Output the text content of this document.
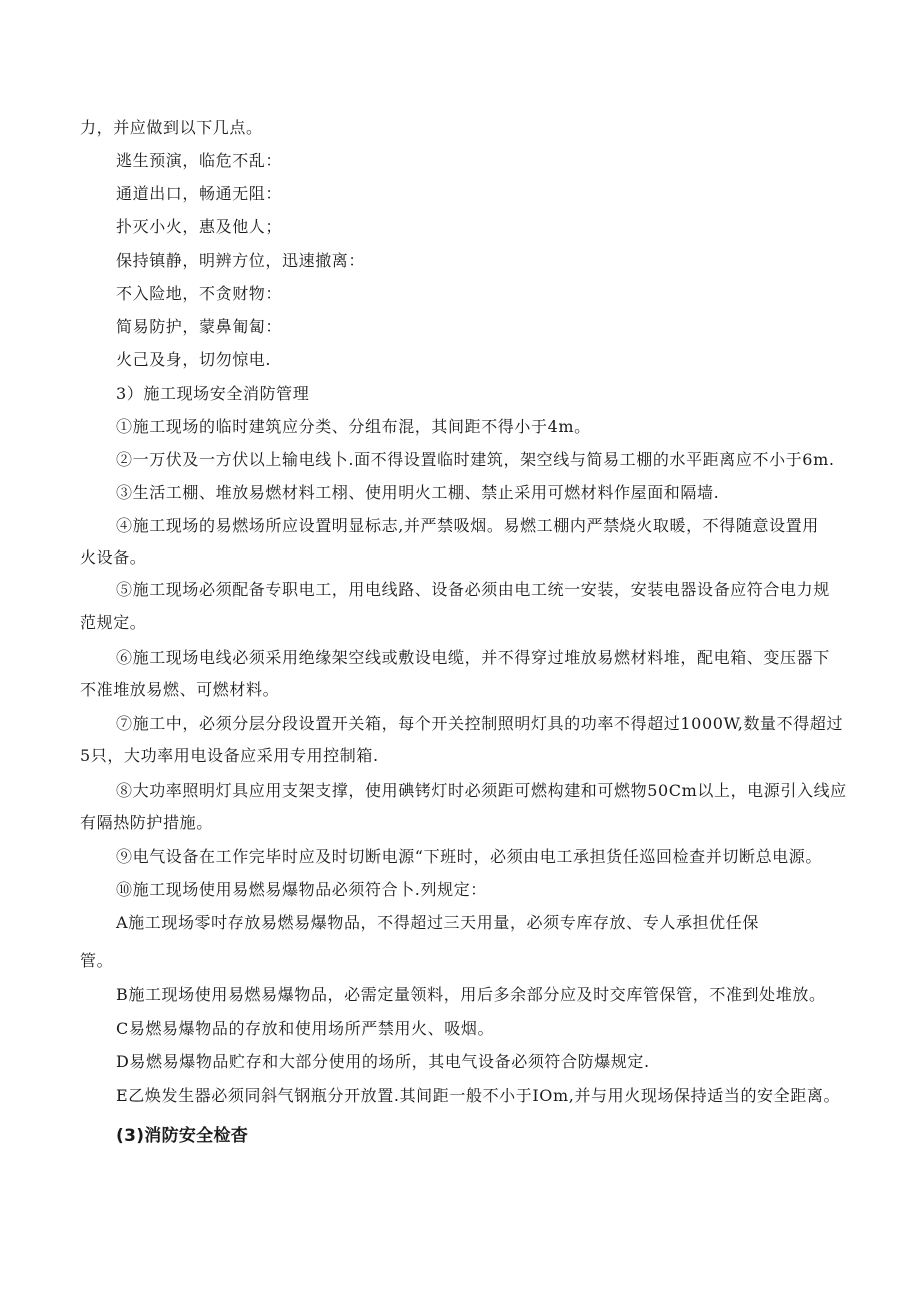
力，并应做到以下几点。
逃生预演，临危不乱：
通道出口，畅通无阻：
扑灭小火，惠及他人；
保持镇静，明辨方位，迅速撤离：
不入险地，不贪财物：
简易防护，蒙鼻匍匐：
火己及身，切勿惊电.
3）施工现场安全消防管理
①施工现场的临时建筑应分类、分组布混，其间距不得小于4m。
②一万伏及一方伏以上输电线卜.面不得设置临时建筑，架空线与简易工棚的水平距离应不小于6m.
③生活工棚、堆放易燃材料工栩、使用明火工棚、禁止采用可燃材料作屋面和隔墙.
④施工现场的易燃场所应设置明显标志,并严禁吸烟。易燃工棚内严禁烧火取暖，不得随意设置用
火设备。
⑤施工现场必须配备专职电工，用电线路、设备必须由电工统一安装，安装电器设备应符合电力规
范规定。
⑥施工现场电线必须采用绝缘架空线或敷设电缆，并不得穿过堆放易燃材料堆，配电箱、变压器下
不准堆放易燃、可燃材料。
⑦施工中，必须分层分段设置开关箱，每个开关控制照明灯具的功率不得超过1000W,数量不得超过
5只，大功率用电设备应采用专用控制箱.
⑧大功率照明灯具应用支架支撑，使用碘铐灯时必须距可燃构建和可燃物50Cm以上，电源引入线应
有隔热防护措施。
⑨电气设备在工作完毕时应及时切断电源“下班时，必须由电工承担货任巡回检查并切断总电源。
⑩施工现场使用易燃易爆物品必须符合卜.列规定：
A施工现场零吋存放易燃易爆物品，不得超过三天用量，必须专库存放、专人承担优任保
管。
B施工现场使用易燃易爆物品，必需定量领料，用后多余部分应及时交库管保管，不准到处堆放。
C易燃易爆物品的存放和使用场所严禁用火、吸烟。
D易燃易爆物品贮存和大部分使用的场所，其电气设备必须符合防爆规定.
E乙焕发生器必须同斜气钢瓶分开放置.其间距一般不小于IOm,并与用火现场保持适当的安全距离。
(3)消防安全检杳
